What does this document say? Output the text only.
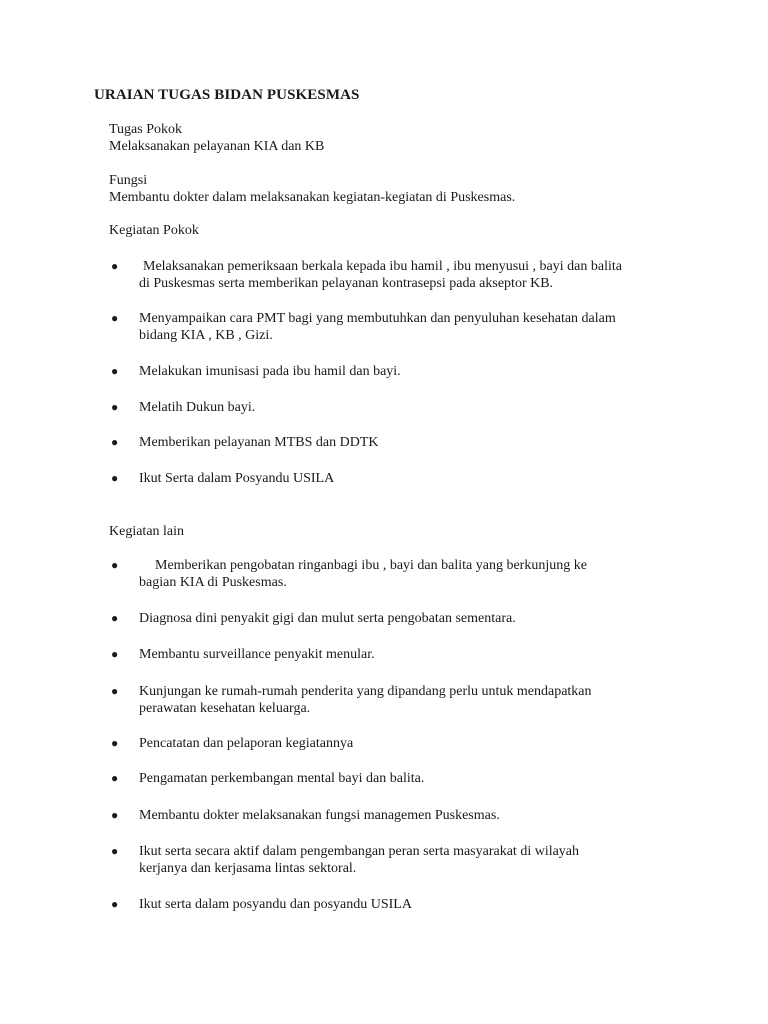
URAIAN TUGAS BIDAN PUSKESMAS
Tugas Pokok
Melaksanakan pelayanan KIA dan KB
Fungsi
Membantu dokter dalam melaksanakan kegiatan-kegiatan di Puskesmas.
Kegiatan Pokok
●	Melaksanakan pemeriksaan berkala kepada ibu hamil , ibu menyusui , bayi dan balita
di Puskesmas serta memberikan pelayanan kontrasepsi pada akseptor KB.
●	Menyampaikan cara PMT bagi yang membutuhkan dan penyuluhan kesehatan dalam
bidang KIA , KB , Gizi.
●	Melakukan imunisasi pada ibu hamil dan bayi.
●	Melatih Dukun bayi.
●	Memberikan pelayanan MTBS dan DDTK
●	Ikut Serta dalam Posyandu USILA
Kegiatan lain
●	Memberikan pengobatan ringanbagi ibu , bayi dan balita yang berkunjung ke
bagian KIA di Puskesmas.
●	Diagnosa dini penyakit gigi dan mulut serta pengobatan sementara.
●	Membantu surveillance penyakit menular.
●	Kunjungan ke rumah-rumah penderita yang dipandang perlu untuk mendapatkan
perawatan kesehatan keluarga.
●	Pencatatan dan pelaporan kegiatannya
●	Pengamatan perkembangan mental bayi dan balita.
●	Membantu dokter melaksanakan fungsi managemen Puskesmas.
●	Ikut serta secara aktif dalam pengembangan peran serta masyarakat di wilayah
kerjanya dan kerjasama lintas sektoral.
●	Ikut serta dalam posyandu dan posyandu USILA
